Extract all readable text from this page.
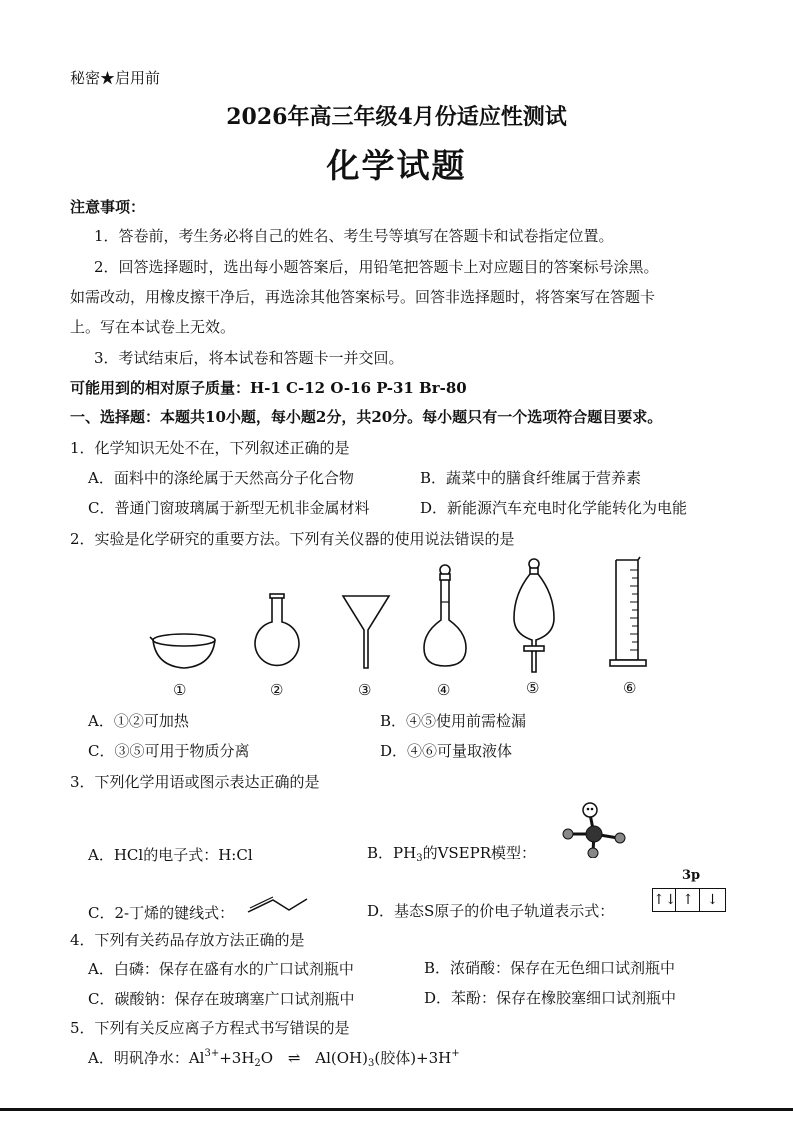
秘密★启用前
2026年高三年级4月份适应性测试
化学试题
注意事项：
1．答卷前，考生务必将自己的姓名、考生号等填写在答题卡和试卷指定位置。
2．回答选择题时，选出每小题答案后，用铅笔把答题卡上对应题目的答案标号涂黑。
如需改动，用橡皮擦干净后，再选涂其他答案标号。回答非选择题时，将答案写在答题卡
上。写在本试卷上无效。
3．考试结束后，将本试卷和答题卡一并交回。
可能用到的相对原子质量：H-1 C-12 O-16 P-31 Br-80
一、选择题：本题共10小题，每小题2分，共20分。每小题只有一个选项符合题目要求。
1．化学知识无处不在，下列叙述正确的是
A．面料中的涤纶属于天然高分子化合物	B．蔬菜中的膳食纤维属于营养素
C．普通门窗玻璃属于新型无机非金属材料	D．新能源汽车充电时化学能转化为电能
2．实验是化学研究的重要方法。下列有关仪器的使用说法错误的是
①	②	③	④	⑤	⑥
A．①②可加热	B．④⑤使用前需检漏
C．③⑤可用于物质分离	D．④⑥可量取液体
3．下列化学用语或图示表达正确的是
A．HCl的电子式：H:Cl	B．$PH_3$的VSEPR模型：
C．2-丁烯的键线式：	D．基态S原子的价电子轨道表示式：
3p
↑↓ ↑ ↓
4．下列有关药品存放方法正确的是
A．白磷：保存在盛有水的广口试剂瓶中	B．浓硝酸：保存在无色细口试剂瓶中
C．碳酸钠：保存在玻璃塞广口试剂瓶中	D．苯酚：保存在橡胶塞细口试剂瓶中
5．下列有关反应离子方程式书写错误的是
A．明矾净水：$Al^{3+}+3H_2O$ ⇌ $Al(OH)_3$(胶体)+3H+
